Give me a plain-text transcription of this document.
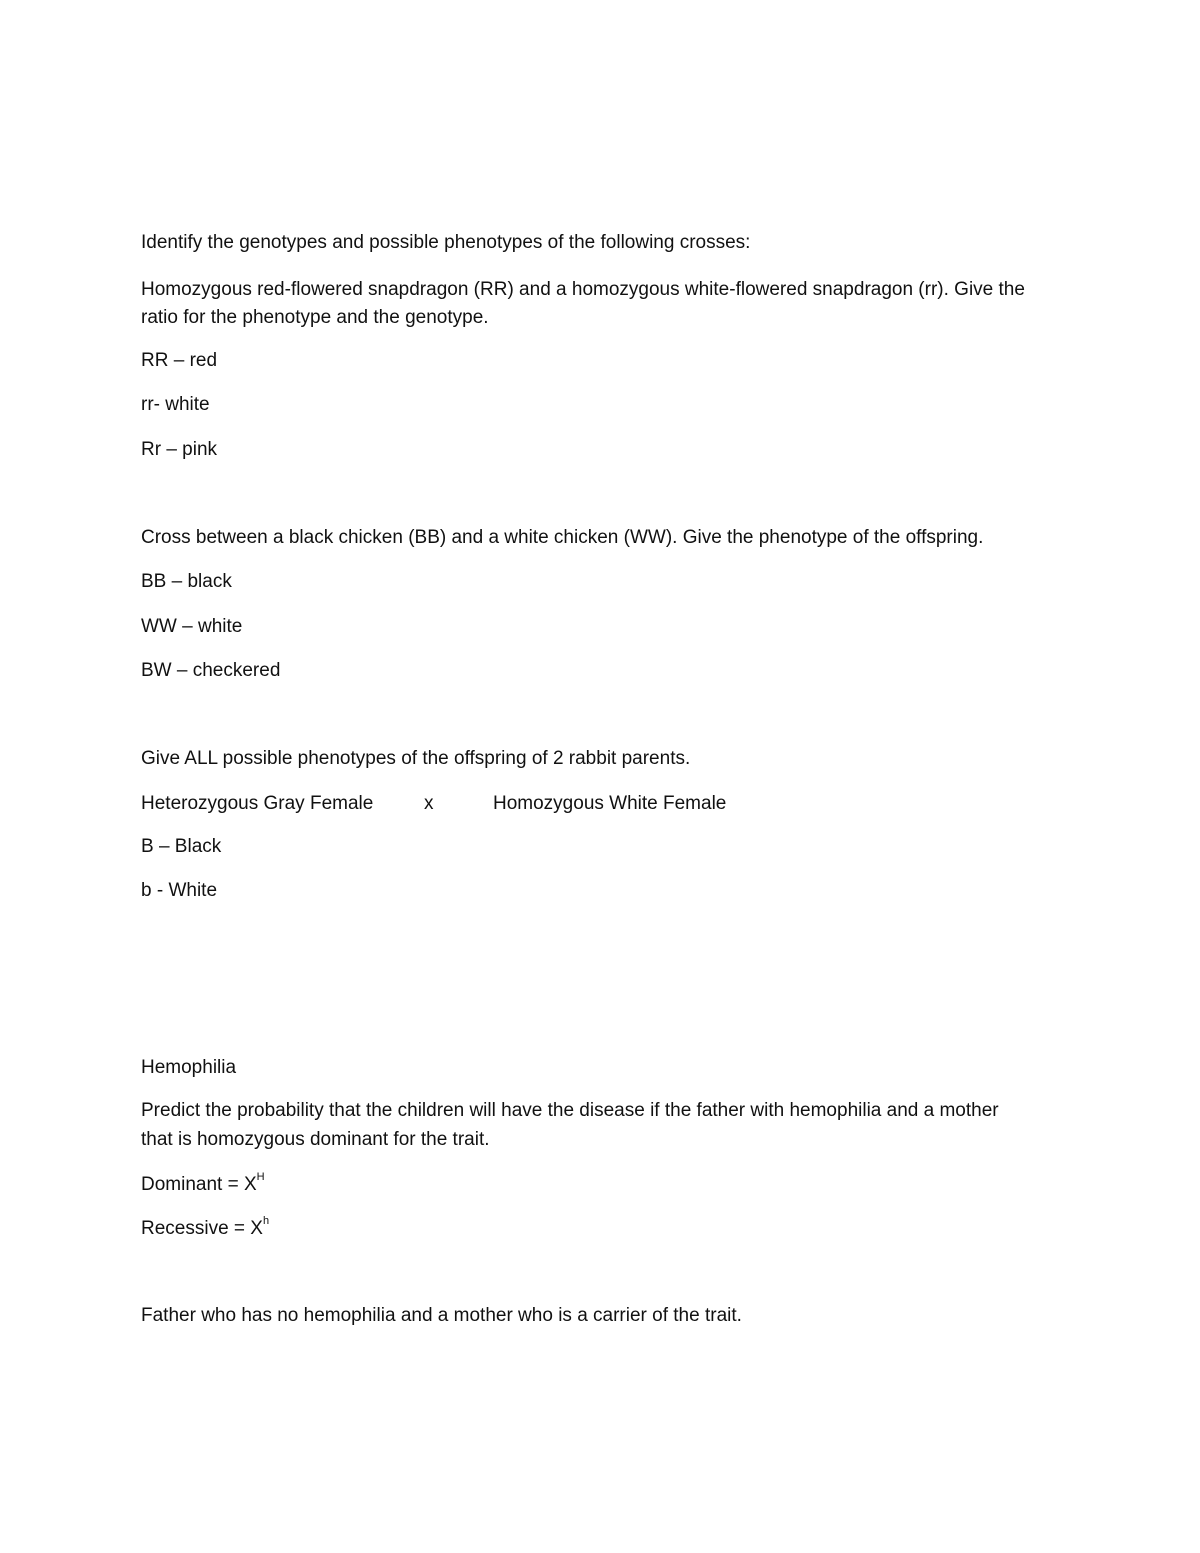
Identify the genotypes and possible phenotypes of the following crosses:

Homozygous red-flowered snapdragon (RR) and a homozygous white-flowered snapdragon (rr). Give the

ratio for the phenotype and the genotype.

RR – red

rr- white

Rr – pink

Cross between a black chicken (BB) and a white chicken (WW). Give the phenotype of the offspring.

BB – black

WW – white

BW – checkered

Give ALL possible phenotypes of the offspring of 2 rabbit parents.

Heterozygous Gray Female	x	Homozygous White Female

B – Black

b - White

Hemophilia

Predict the probability that the children will have the disease if the father with hemophilia and a mother

that is homozygous dominant for the trait.

Dominant = $X^H$

Recessive = $X^h$

Father who has no hemophilia and a mother who is a carrier of the trait.
